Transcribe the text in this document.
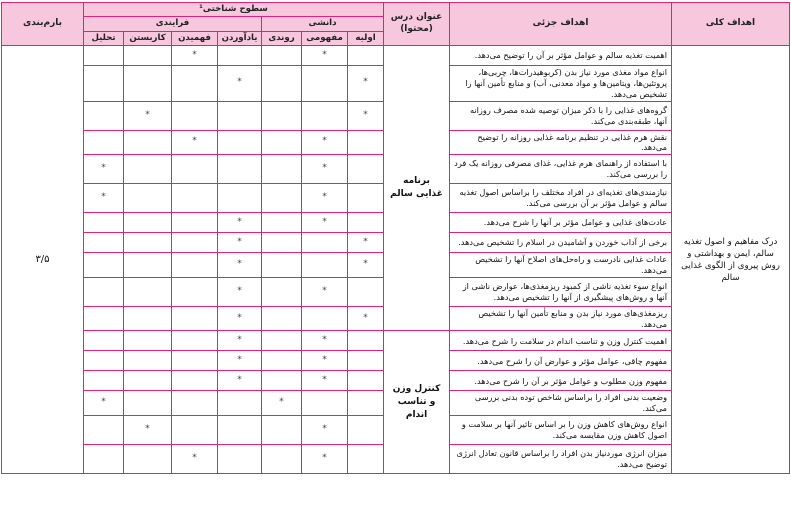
اهداف کلی	اهداف جزئی	عنوان درس (محتوا)	سطوح شناختی¹							بارم‌بندی
			دانشی			فرایندی				
			اولیه	مفهومی	روندی	یادآوردن	فهمیدن	کاربستن	تحلیل	
درک مفاهیم و اصول تغذیه سالم، ایمن و بهداشتی و روش پیروی از الگوی غذایی سالم	اهمیت تغذیه سالم و عوامل مؤثر بر آن را توضیح می‌دهد.	برنامه غذایی سالم		*			*			۳/۵
	انواع مواد مغذی مورد نیاز بدن (کربوهیدرات‌ها، چربی‌ها، پروتئین‌ها، ویتامین‌ها و مواد معدنی، آب) و منابع تأمین آنها را تشخیص می‌دهد.		*			*				
	گروه‌های غذایی را با ذکر میزان توصیه شده مصرف روزانه آنها، طبقه‌بندی می‌کند.		*					*		
	نقش هرم غذایی در تنظیم برنامه غذایی روزانه را توضیح می‌دهد.			*			*			
	با استفاده از راهنمای هرم غذایی، غذای مصرفی روزانه یک فرد را بررسی می‌کند.			*					*	
	نیازمندی‌های تغذیه‌ای در افراد مختلف را براساس اصول تغذیه سالم و عوامل مؤثر بر آن بررسی می‌کند.			*					*	
	عادت‌های غذایی و عوامل مؤثر بر آنها را شرح می‌دهد.			*		*				
	برخی از آداب خوردن و آشامیدن در اسلام را تشخیص می‌دهد.		*			*				
	عادات غذایی نادرست و راه‌حل‌های اصلاح آنها را تشخیص می‌دهد.		*			*				
	انواع سوء تغذیه ناشی از کمبود ریزمغذی‌ها، عوارض ناشی از آنها و روش‌های پیشگیری از آنها را تشخیص می‌دهد.			*		*				
	ریزمغذی‌های مورد نیاز بدن و منابع تأمین آنها را تشخیص می‌دهد.		*			*				
	اهمیت کنترل وزن و تناسب اندام در سلامت را شرح می‌دهد.	کنترل وزن و تناسب اندام		*		*				
	مفهوم چاقی، عوامل مؤثر و عوارض آن را شرح می‌دهد.			*		*				
	مفهوم وزن مطلوب و عوامل مؤثر بر آن را شرح می‌دهد.			*		*				
	وضعیت بدنی افراد را براساس شاخص توده بدنی بررسی می‌کند.				*				*	
	انواع روش‌های کاهش وزن را بر اساس تاثیر آنها بر سلامت و اصول کاهش وزن مقایسه می‌کند.			*				*		
	میزان انرژی موردنیاز بدن افراد را براساس قانون تعادل انرژی توضیح می‌دهد.			*			*			
